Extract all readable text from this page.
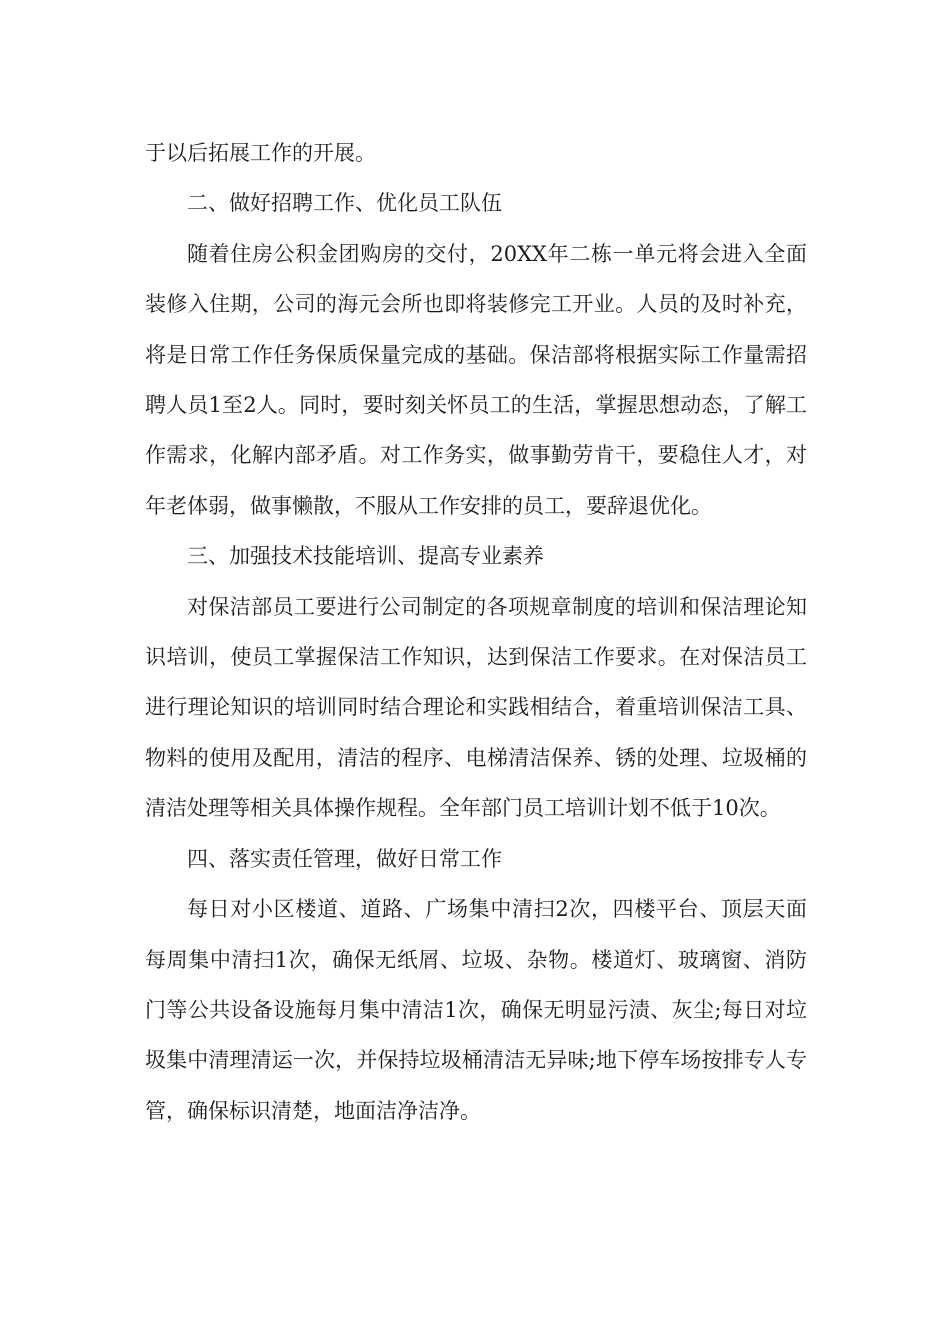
于以后拓展工作的开展。

二、做好招聘工作、优化员工队伍

随着住房公积金团购房的交付，20XX年二栋一单元将会进入全面装修入住期，公司的海元会所也即将装修完工开业。人员的及时补充，将是日常工作任务保质保量完成的基础。保洁部将根据实际工作量需招聘人员1至2人。同时，要时刻关怀员工的生活，掌握思想动态，了解工作需求，化解内部矛盾。对工作务实，做事勤劳肯干，要稳住人才，对年老体弱，做事懒散，不服从工作安排的员工，要辞退优化。

三、加强技术技能培训、提高专业素养

对保洁部员工要进行公司制定的各项规章制度的培训和保洁理论知识培训，使员工掌握保洁工作知识，达到保洁工作要求。在对保洁员工进行理论知识的培训同时结合理论和实践相结合，着重培训保洁工具、物料的使用及配用，清洁的程序、电梯清洁保养、锈的处理、垃圾桶的清洁处理等相关具体操作规程。全年部门员工培训计划不低于10次。

四、落实责任管理，做好日常工作

每日对小区楼道、道路、广场集中清扫2次，四楼平台、顶层天面每周集中清扫1次，确保无纸屑、垃圾、杂物。楼道灯、玻璃窗、消防门等公共设备设施每月集中清洁1次，确保无明显污渍、灰尘;每日对垃圾集中清理清运一次，并保持垃圾桶清洁无异味;地下停车场按排专人专管，确保标识清楚，地面洁净洁净。
